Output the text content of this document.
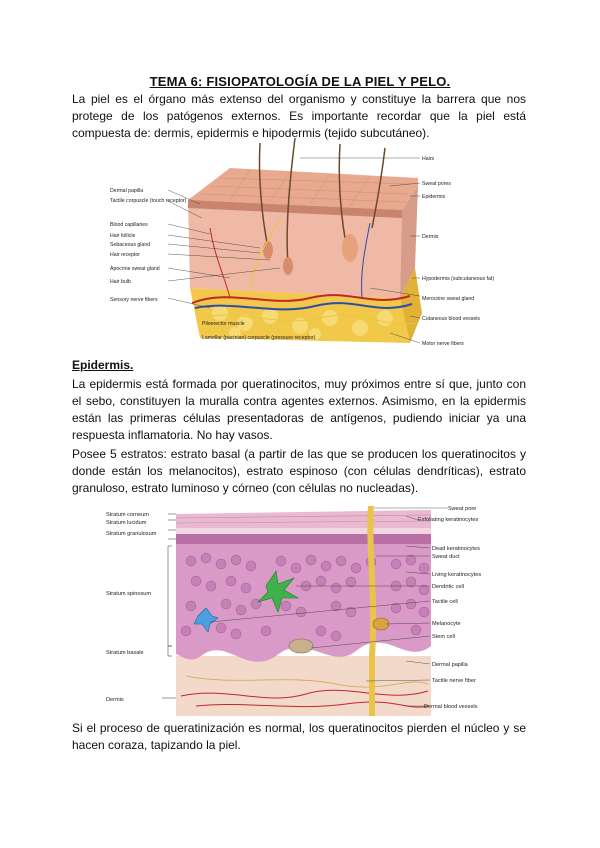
TEMA 6: FISIOPATOLOGÍA DE LA PIEL Y PELO.

La piel es el órgano más extenso del organismo y constituye la barrera que nos protege de los patógenos externos. Es importante recordar que la piel está compuesta de: dermis, epidermis e hipodermis (tejido subcutáneo).

Dermal papilla
Tactile corpuscle (touch receptor)
Blood capillaries
Hair follicle
Sebaceous gland
Hair receptor
Apocrine sweat gland
Hair bulb
Sensory nerve fibers
Hairs
Sweat pores
Epidermis
Dermis
Hypodermis (subcutaneous fat)
Merocrine sweat gland
Cutaneous blood vessels
Motor nerve fibers
Piloerector muscle
Lamellar (pacinian) corpuscle (pressure receptor)
Epidermis.

La epidermis está formada por queratinocitos, muy próximos entre sí que, junto con el sebo, constituyen la muralla contra agentes externos. Asimismo, en la epidermis están las primeras células presentadoras de antígenos, pudiendo iniciar ya una respuesta inflamatoria. No hay vasos.

Posee 5 estratos: estrato basal (a partir de las que se producen los queratinocitos y donde están los melanocitos), estrato espinoso (con células dendríticas), estrato granuloso, estrato luminoso y córneo (con células no nucleadas).

Stratum corneum
Stratum lucidum
Stratum granulosum
Stratum spinosum
Stratum basale
Dermis
Sweat pore
Exfoliating keratinocytes
Dead keratinocytes
Sweat duct
Living keratinocytes
Dendritic cell
Tactile cell
Melanocyte
Stem cell
Dermal papilla
Tactile nerve fiber
Dermal blood vessels

Si el proceso de queratinización es normal, los queratinocitos pierden el núcleo y se hacen coraza, tapizando la piel.
